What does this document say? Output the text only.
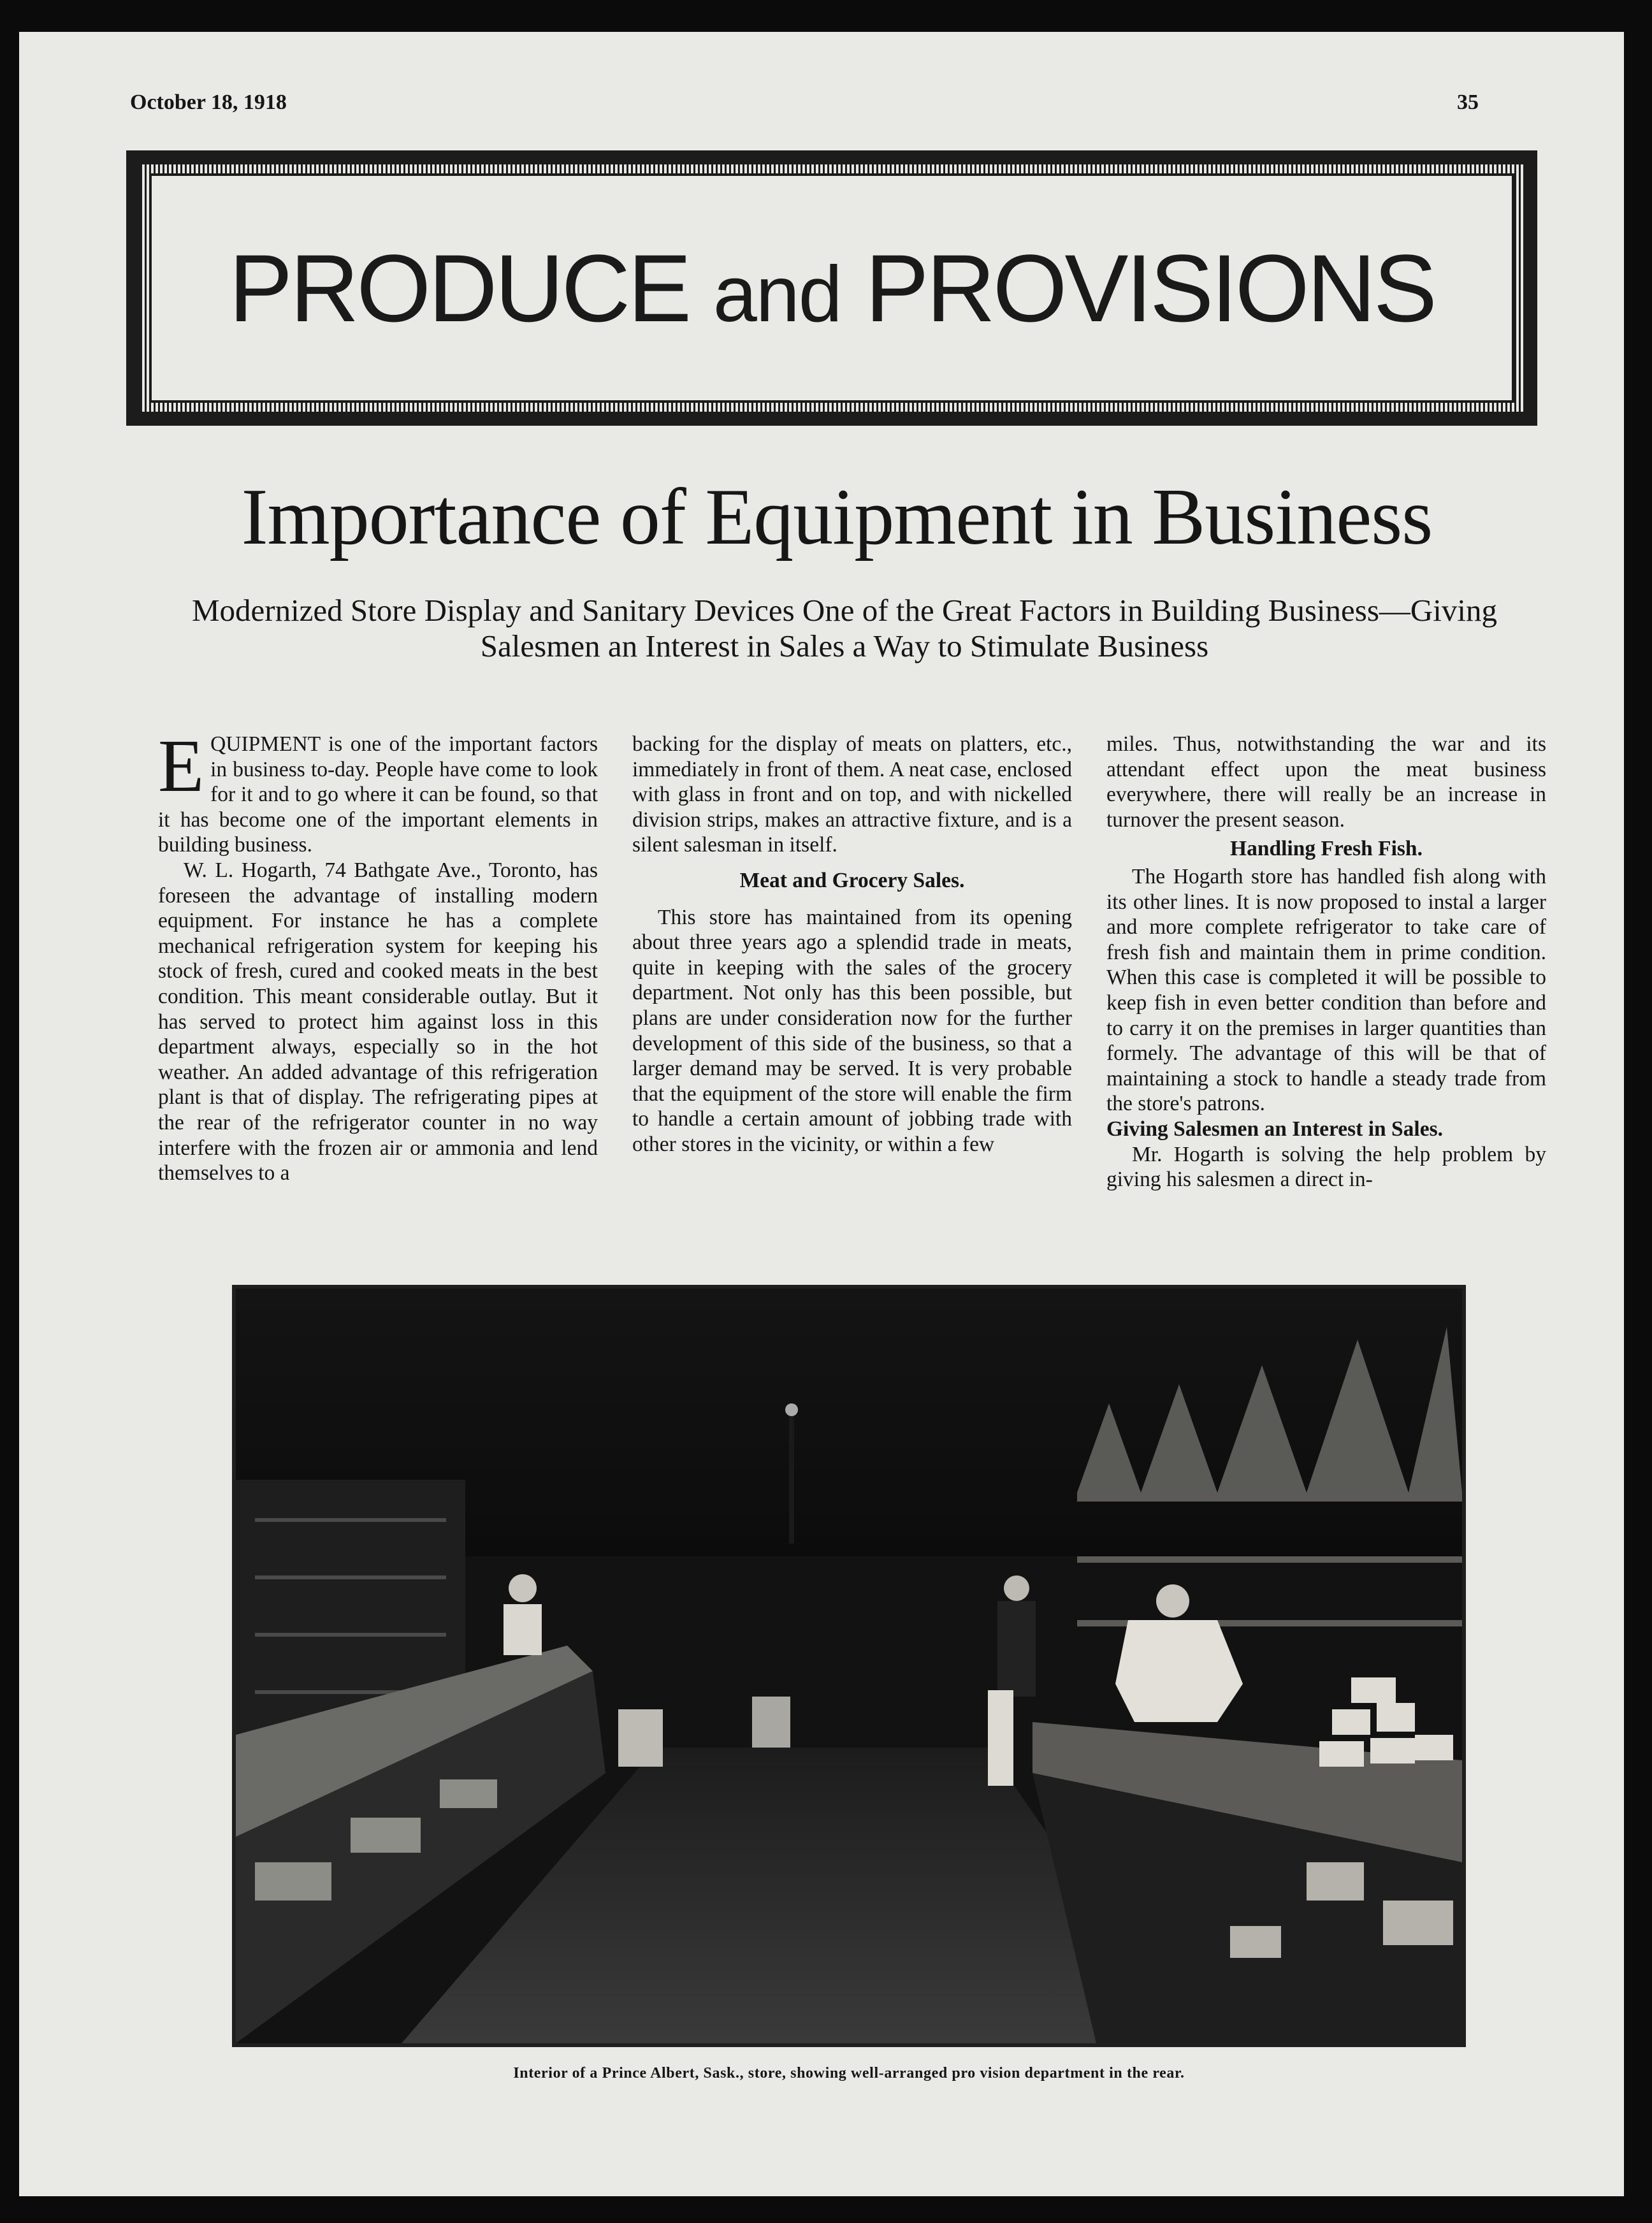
October 18, 1918	35
PRODUCE and PROVISIONS
Importance of Equipment in Business
Modernized Store Display and Sanitary Devices One of the Great Factors in Building Business—Giving Salesmen an Interest in Sales a Way to Stimulate Business

EQUIPMENT is one of the important factors in business to-day. People have come to look for it and to go where it can be found, so that it has become one of the important elements in building business.

W. L. Hogarth, 74 Bathgate Ave., Toronto, has foreseen the advantage of installing modern equipment. For instance he has a complete mechanical refrigeration system for keeping his stock of fresh, cured and cooked meats in the best condition. This meant considerable outlay. But it has served to protect him against loss in this department always, especially so in the hot weather. An added advantage of this refrigeration plant is that of display. The refrigerating pipes at the rear of the refrigerator counter in no way interfere with the frozen air or ammonia and lend themselves to a

backing for the display of meats on platters, etc., immediately in front of them. A neat case, enclosed with glass in front and on top, and with nickelled division strips, makes an attractive fixture, and is a silent salesman in itself.

Meat and Grocery Sales.

This store has maintained from its opening about three years ago a splendid trade in meats, quite in keeping with the sales of the grocery department. Not only has this been possible, but plans are under consideration now for the further development of this side of the business, so that a larger demand may be served. It is very probable that the equipment of the store will enable the firm to handle a certain amount of jobbing trade with other stores in the vicinity, or within a few

miles. Thus, notwithstanding the war and its attendant effect upon the meat business everywhere, there will really be an increase in turnover the present season.

Handling Fresh Fish.

The Hogarth store has handled fish along with its other lines. It is now proposed to instal a larger and more complete refrigerator to take care of fresh fish and maintain them in prime condition. When this case is completed it will be possible to keep fish in even better condition than before and to carry it on the premises in larger quantities than formely. The advantage of this will be that of maintaining a stock to handle a steady trade from the store's patrons.

Giving Salesmen an Interest in Sales.

Mr. Hogarth is solving the help problem by giving his salesmen a direct in-

Interior of a Prince Albert, Sask., store, showing well-arranged pro vision department in the rear.
